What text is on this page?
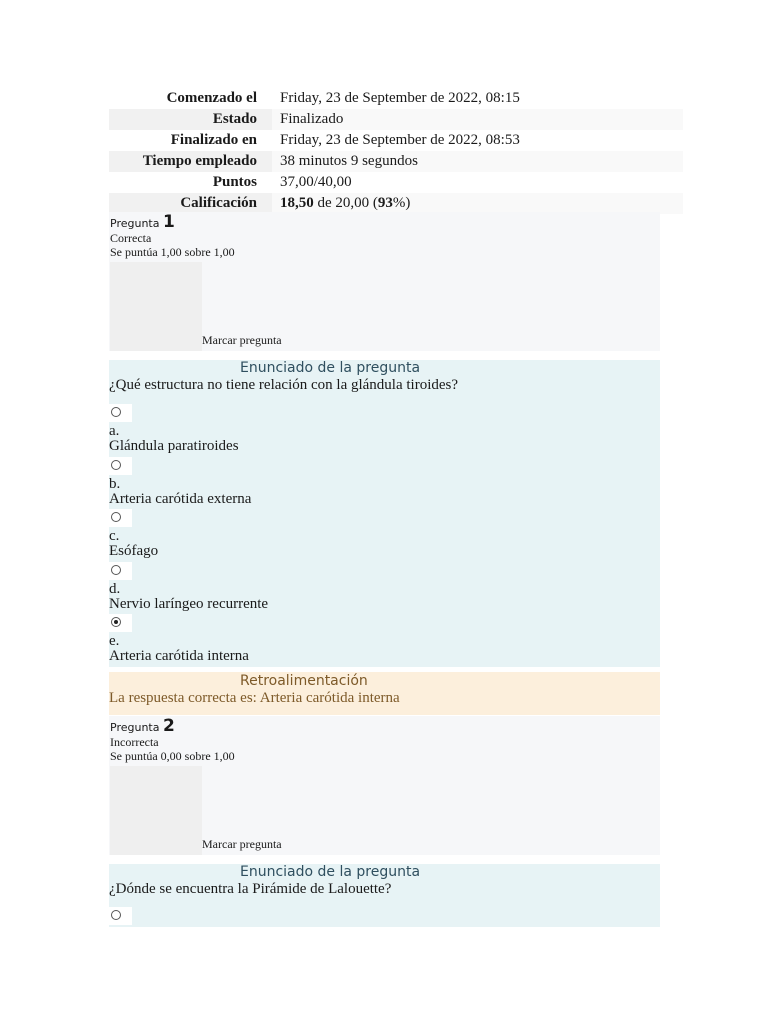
Comenzado el	Friday, 23 de September de 2022, 08:15
Estado	Finalizado
Finalizado en	Friday, 23 de September de 2022, 08:53
Tiempo empleado	38 minutos 9 segundos
Puntos	37,00/40,00
Calificación	18,50 de 20,00 (93%)
Pregunta 1
Correcta
Se puntúa 1,00 sobre 1,00
Marcar pregunta
Enunciado de la pregunta
¿Qué estructura no tiene relación con la glándula tiroides?
a.
Glándula paratiroides
b.
Arteria carótida externa
c.
Esófago
d.
Nervio laríngeo recurrente
e.
Arteria carótida interna
Retroalimentación
La respuesta correcta es: Arteria carótida interna
Pregunta 2
Incorrecta
Se puntúa 0,00 sobre 1,00
Marcar pregunta
Enunciado de la pregunta
¿Dónde se encuentra la Pirámide de Lalouette?
